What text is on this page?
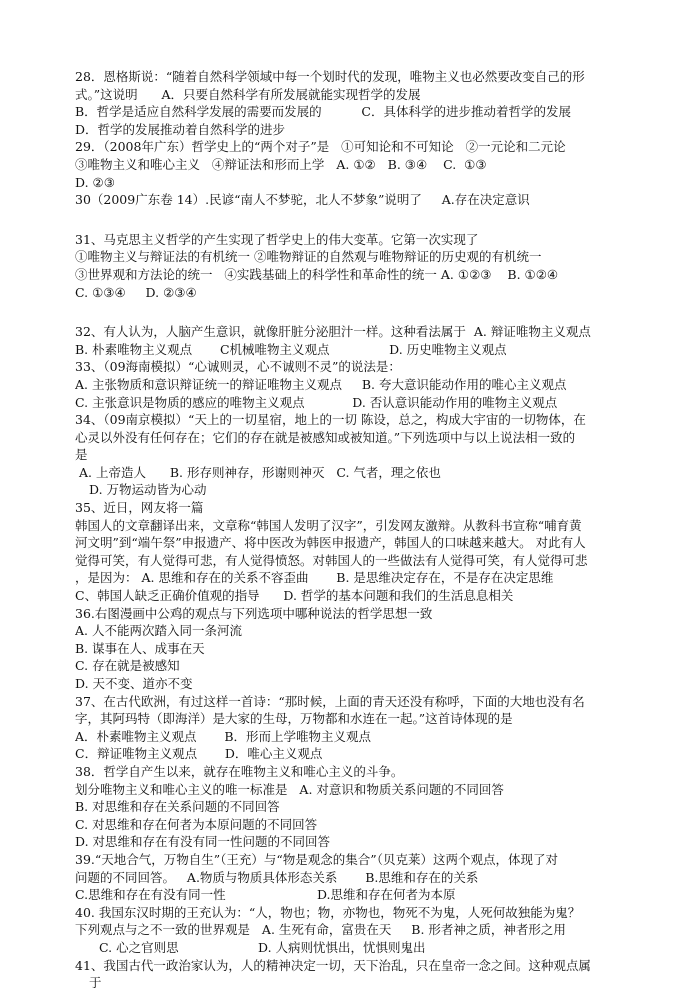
28．恩格斯说：“随着自然科学领域中每一个划时代的发现，唯物主义也必然要改变自己的形
式。”这说明      A．只要自然科学有所发展就能实现哲学的发展
B．哲学是适应自然科学发展的需要而发展的          C．具体科学的进步推动着哲学的发展
D．哲学的发展推动着自然科学的进步
29．（2008年广东）哲学史上的“两个对子”是   ①可知论和不可知论   ②一元论和二元论
③唯物主义和唯心主义   ④辩证法和形而上学   A. ①②   B. ③④    C.  ①③
D. ②③
30（2009广东卷 14）.民谚“南人不梦驼，北人不梦象”说明了     A.存在决定意识
31、马克思主义哲学的产生实现了哲学史上的伟大变革。它第一次实现了
①唯物主义与辩证法的有机统一 ②唯物辩证的自然观与唯物辩证的历史观的有机统一
③世界观和方法论的统一   ④实践基础上的科学性和革命性的统一 A. ①②③    B. ①②④
C. ①③④     D. ②③④
32、有人认为，人脑产生意识，就像肝脏分泌胆汁一样。这种看法属于  A. 辩证唯物主义观点
B. 朴素唯物主义观点       C机械唯物主义观点               D. 历史唯物主义观点
33、（09海南模拟）“心诚则灵，心不诚则不灵”的说法是：
A. 主张物质和意识辩证统一的辩证唯物主义观点     B. 夸大意识能动作用的唯心主义观点
C. 主张意识是物质的感应的唯物主义观点            D. 否认意识能动作用的唯物主义观点
34、（09南京模拟）“天上的一切星宿，地上的一切 陈设，总之，构成大宇宙的一切物体，在
心灵以外没有任何存在；它们的存在就是被感知或被知道。”下列选项中与以上说法相一致的
是
A. 上帝造人      B. 形存则神存，形谢则神灭   C. 气者，理之依也
D. 万物运动皆为心动
35、近日，网友将一篇
韩国人的文章翻译出来，文章称“韩国人发明了汉字”，引发网友激辩。从教科书宣称“哺育黄
河文明”到“端午祭”申报遗产、将中医改为韩医申报遗产，韩国人的口味越来越大。 对此有人
觉得可笑，有人觉得可悲，有人觉得愤怒。对韩国人的一些做法有人觉得可笑，有人觉得可悲
，是因为： A. 思维和存在的关系不容歪曲       B. 是思维决定存在，不是存在决定思维
C、韩国人缺乏正确价值观的指导      D. 哲学的基本问题和我们的生活息息相关
36.右图漫画中公鸡的观点与下列选项中哪种说法的哲学思想一致
A. 人不能两次踏入同一条河流
B. 谋事在人、成事在天
C. 存在就是被感知
D. 天不变、道亦不变
37、在古代欧洲，有过这样一首诗：“那时候，上面的青天还没有称呼，下面的大地也没有名
字，其阿玛特（即海洋）是大家的生母，万物都和水连在一起。”这首诗体现的是
A．朴素唯物主义观点       B．形而上学唯物主义观点
C．辩证唯物主义观点       D．唯心主义观点
38．哲学自产生以来，就存在唯物主义和唯心主义的斗争。
划分唯物主义和唯心主义的唯一标准是   A. 对意识和物质关系问题的不同回答
B. 对思维和存在关系问题的不同回答
C. 对思维和存在何者为本原问题的不同回答
D. 对思维和存在有没有同一性问题的不同回答
39.“天地合气，万物自生”（王充）与“物是观念的集合”（贝克莱）这两个观点，体现了对
问题的不同回答。   A.物质与物质具体形态关系       B.思维和存在的关系
C.思维和存在有没有同一性                       D.思维和存在何者为本原
40. 我国东汉时期的王充认为：“人，物也；物，亦物也，物死不为鬼，人死何故独能为鬼？
下列观点与之不一致的世界观是   A. 生死有命，富贵在天     B. 形者神之质，神者形之用
C. 心之官则思                    D. 人病则忧惧出，忧惧则鬼出
41、我国古代一政治家认为，人的精神决定一切，天下治乱，只在皇帝一念之间。这种观点属
于
